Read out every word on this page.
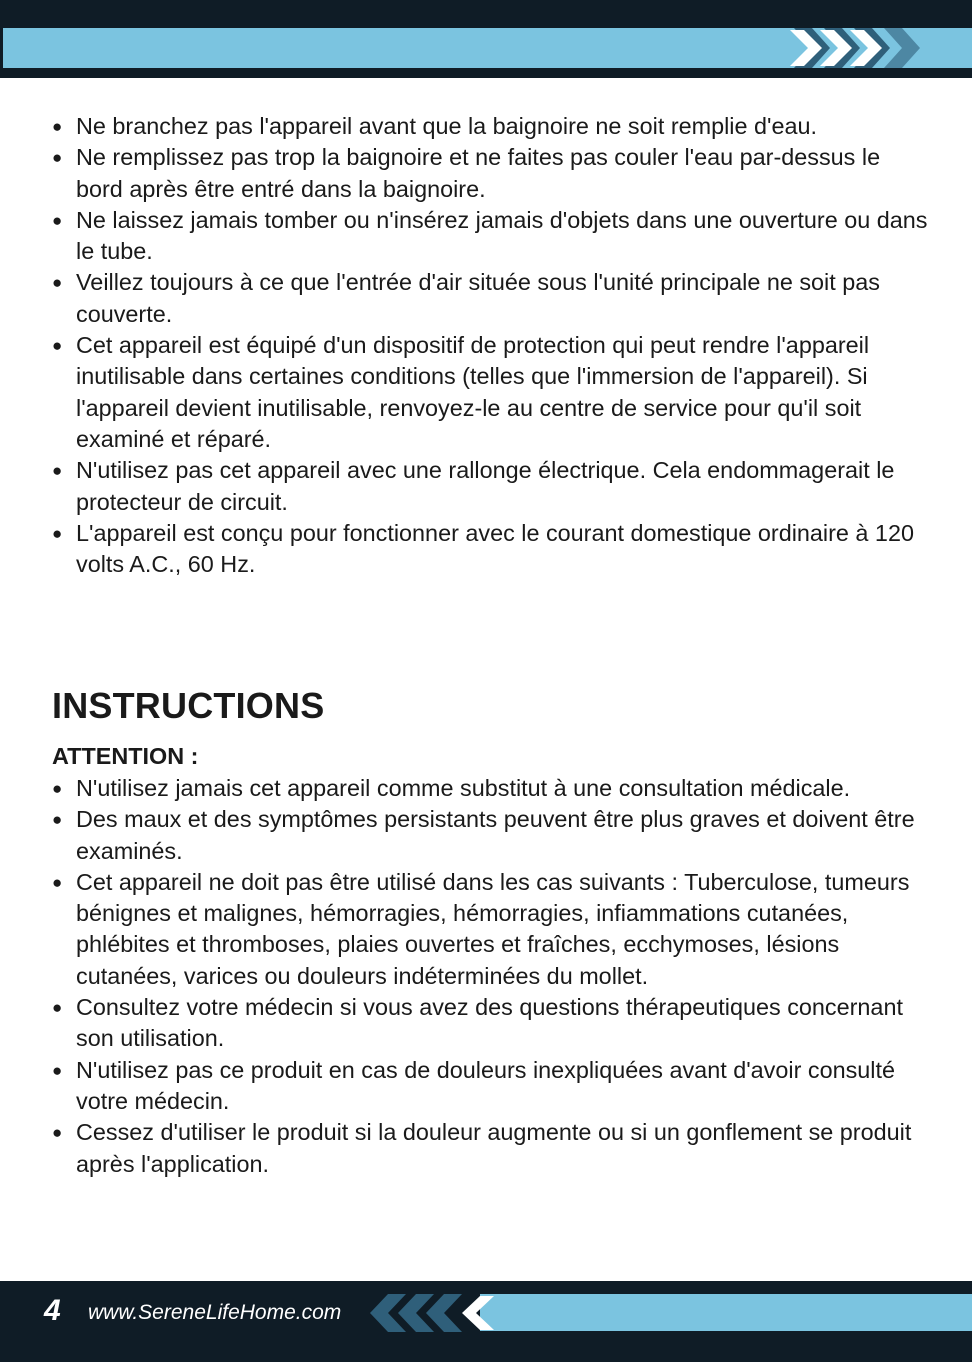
● Ne branchez pas l'appareil avant que la baignoire ne soit remplie d'eau.
● Ne remplissez pas trop la baignoire et ne faites pas couler l'eau par-dessus le bord après être entré dans la baignoire.
● Ne laissez jamais tomber ou n'insérez jamais d'objets dans une ouverture ou dans le tube.
● Veillez toujours à ce que l'entrée d'air située sous l'unité principale ne soit pas couverte.
● Cet appareil est équipé d'un dispositif de protection qui peut rendre l'appareil inutilisable dans certaines conditions (telles que l'immersion de l'appareil). Si l'appareil devient inutilisable, renvoyez-le au centre de service pour qu'il soit examiné et réparé.
● N'utilisez pas cet appareil avec une rallonge électrique. Cela endommagerait le protecteur de circuit.
● L'appareil est conçu pour fonctionner avec le courant domestique ordinaire à 120 volts A.C., 60 Hz.
INSTRUCTIONS
ATTENTION :
● N'utilisez jamais cet appareil comme substitut à une consultation médicale.
● Des maux et des symptômes persistants peuvent être plus graves et doivent être examinés.
● Cet appareil ne doit pas être utilisé dans les cas suivants : Tuberculose, tumeurs bénignes et malignes, hémorragies, hémorragies, infiammations cutanées, phlébites et thromboses, plaies ouvertes et fraîches, ecchymoses, lésions cutanées, varices ou douleurs indéterminées du mollet.
● Consultez votre médecin si vous avez des questions thérapeutiques concernant son utilisation.
● N'utilisez pas ce produit en cas de douleurs inexpliquées avant d'avoir consulté votre médecin.
● Cessez d'utiliser le produit si la douleur augmente ou si un gonflement se produit après l'application.
4 www.SereneLifeHome.com
